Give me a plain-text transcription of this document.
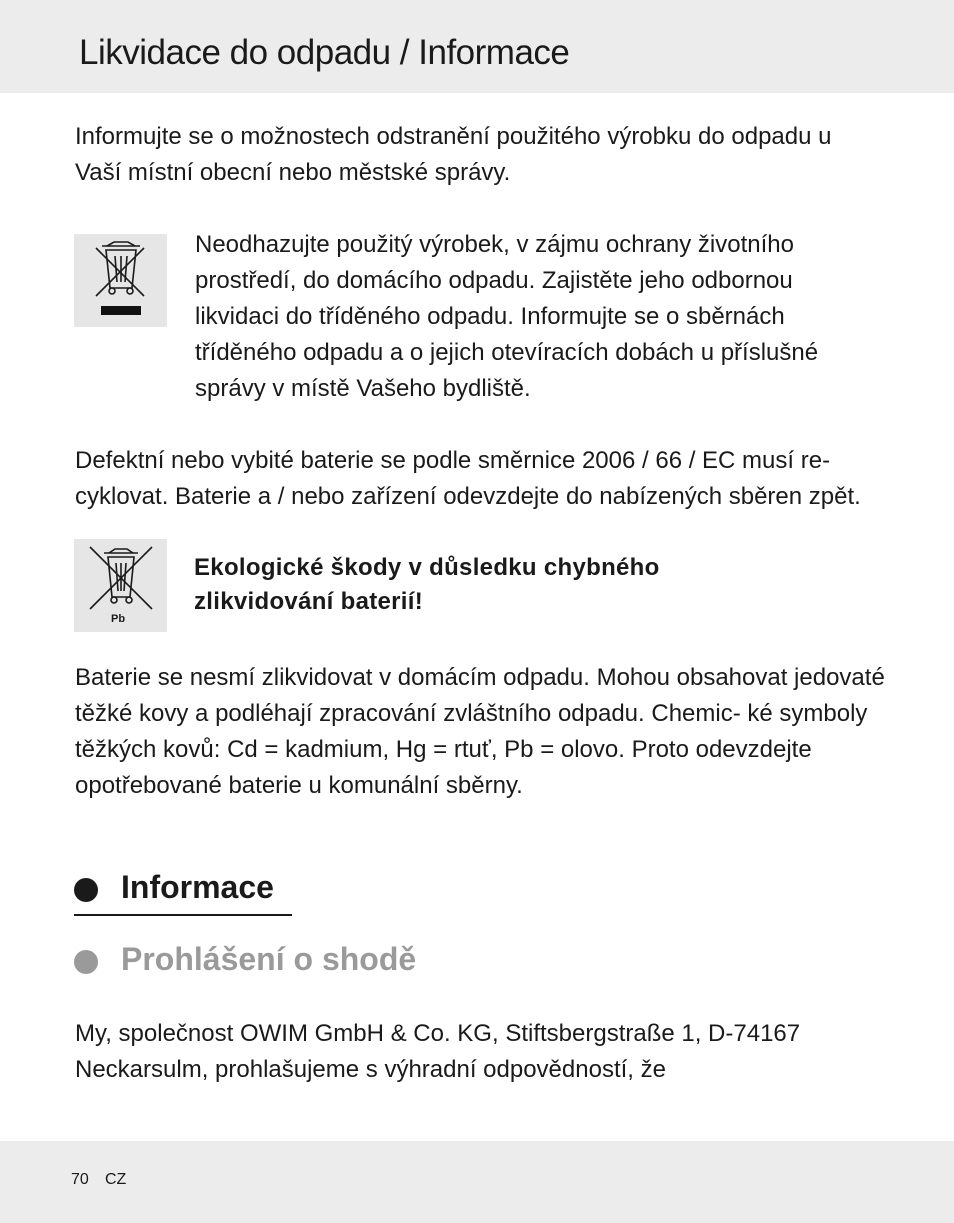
Likvidace do odpadu / Informace

Informujte se o možnostech odstranění použitého výrobku do odpadu u Vaší místní obecní nebo městské správy.

Neodhazujte použitý výrobek, v zájmu ochrany životního prostředí, do domácího odpadu. Zajistěte jeho odbornou likvidaci do tříděného odpadu. Informujte se o sběrnách tříděného odpadu a o jejich otevíracích dobách u příslušné správy v místě Vašeho bydliště.

Defektní nebo vybité baterie se podle směrnice 2006 / 66 / EC musí re- cyklovat. Baterie a / nebo zařízení odevzdejte do nabízených sběren zpět.

Pb

Ekologické škody v důsledku chybného zlikvidování baterií!

Baterie se nesmí zlikvidovat v domácím odpadu. Mohou obsahovat jedovaté těžké kovy a podléhají zpracování zvláštního odpadu. Chemic- ké symboly těžkých kovů: Cd = kadmium, Hg = rtuť, Pb = olovo. Proto odevzdejte opotřebované baterie u komunální sběrny.

Informace
Prohlášení o shodě

My, společnost OWIM GmbH & Co. KG, Stiftsbergstraße 1, D-74167 Neckarsulm, prohlašujeme s výhradní odpovědností, že

70 CZ
